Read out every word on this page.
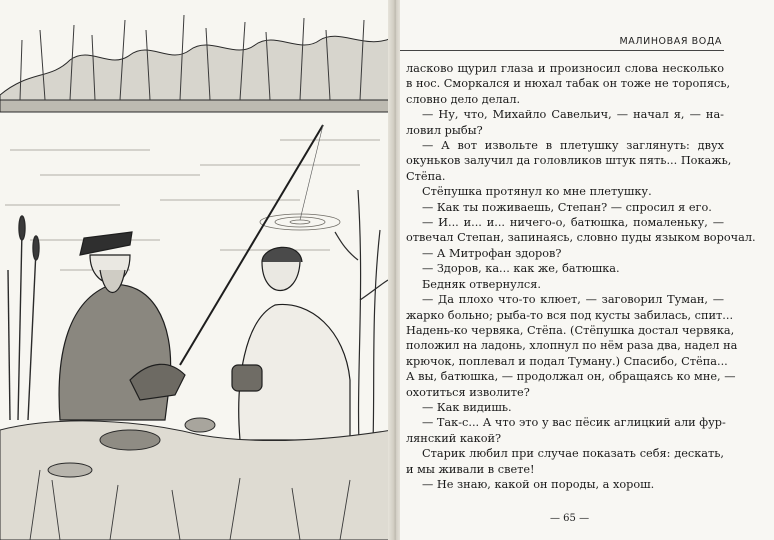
МАЛИНОВАЯ ВОДА
ласково щурил глаза и произносил слова несколько
в нос. Сморкался и нюхал табак он тоже не торопясь,
словно дело делал.
— Ну, что, Михайло Савельич, — начал я, — на-
ловил рыбы?
— А вот извольте в плетушку заглянуть: двух
окуньков залучил да головликов штук пять... Покажь,
Стёпа.
Стёпушка протянул ко мне плетушку.
— Как ты поживаешь, Степан? — спросил я его.
— И... и... и... ничего-о, батюшка, помаленьку, —
отвечал Степан, запинаясь, словно пуды языком ворочал.
— А Митрофан здоров?
— Здоров, ка... как же, батюшка.
Бедняк отвернулся.
— Да плохо что-то клюет, — заговорил Туман, —
жарко больно; рыба-то вся под кусты забилась, спит...
Надень-ко червяка, Стёпа. (Стёпушка достал червяка,
положил на ладонь, хлопнул по нём раза два, надел на
крючок, поплевал и подал Туману.) Спасибо, Стёпа...
А вы, батюшка, — продолжал он, обращаясь ко мне, —
охотиться изволите?
— Как видишь.
— Так-с... А что это у вас пёсик аглицкий али фур-
лянский какой?
Старик любил при случае показать себя: дескать,
и мы живали в свете!
— Не знаю, какой он породы, а хорош.
— 65 —
